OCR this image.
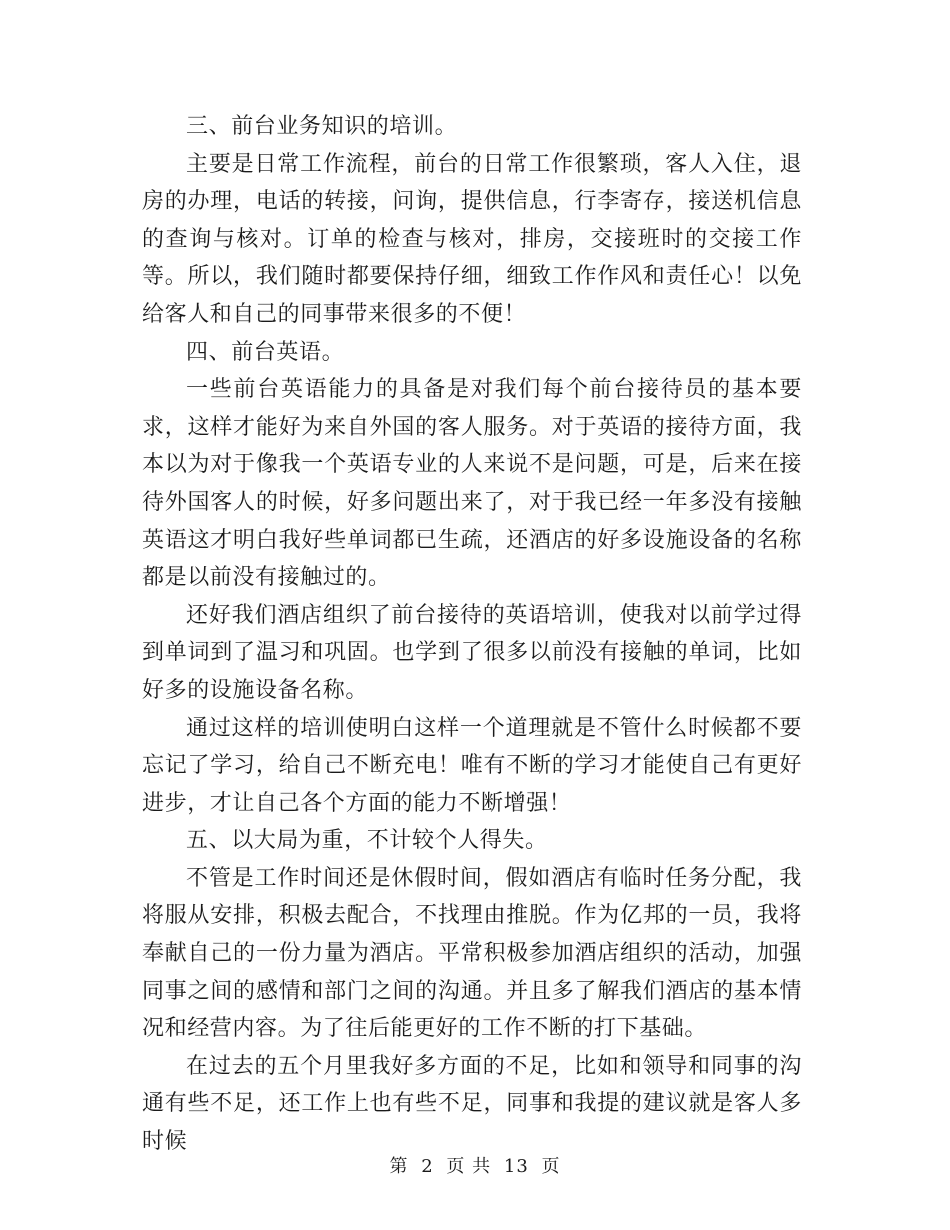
三、前台业务知识的培训。

主要是日常工作流程，前台的日常工作很繁琐，客人入住，退房的办理，电话的转接，问询，提供信息，行李寄存，接送机信息的查询与核对。订单的检查与核对，排房，交接班时的交接工作等。所以，我们随时都要保持仔细，细致工作作风和责任心！以免给客人和自己的同事带来很多的不便！

四、前台英语。

一些前台英语能力的具备是对我们每个前台接待员的基本要求，这样才能好为来自外国的客人服务。对于英语的接待方面，我本以为对于像我一个英语专业的人来说不是问题，可是，后来在接待外国客人的时候，好多问题出来了，对于我已经一年多没有接触英语这才明白我好些单词都已生疏，还酒店的好多设施设备的名称都是以前没有接触过的。

还好我们酒店组织了前台接待的英语培训，使我对以前学过得到单词到了温习和巩固。也学到了很多以前没有接触的单词，比如好多的设施设备名称。

通过这样的培训使明白这样一个道理就是不管什么时候都不要忘记了学习，给自己不断充电！唯有不断的学习才能使自己有更好进步，才让自己各个方面的能力不断增强！

五、以大局为重，不计较个人得失。

不管是工作时间还是休假时间，假如酒店有临时任务分配，我将服从安排，积极去配合，不找理由推脱。作为亿邦的一员，我将奉献自己的一份力量为酒店。平常积极参加酒店组织的活动，加强同事之间的感情和部门之间的沟通。并且多了解我们酒店的基本情况和经营内容。为了往后能更好的工作不断的打下基础。

在过去的五个月里我好多方面的不足，比如和领导和同事的沟通有些不足，还工作上也有些不足，同事和我提的建议就是客人多时候

第 2 页 共 13 页
